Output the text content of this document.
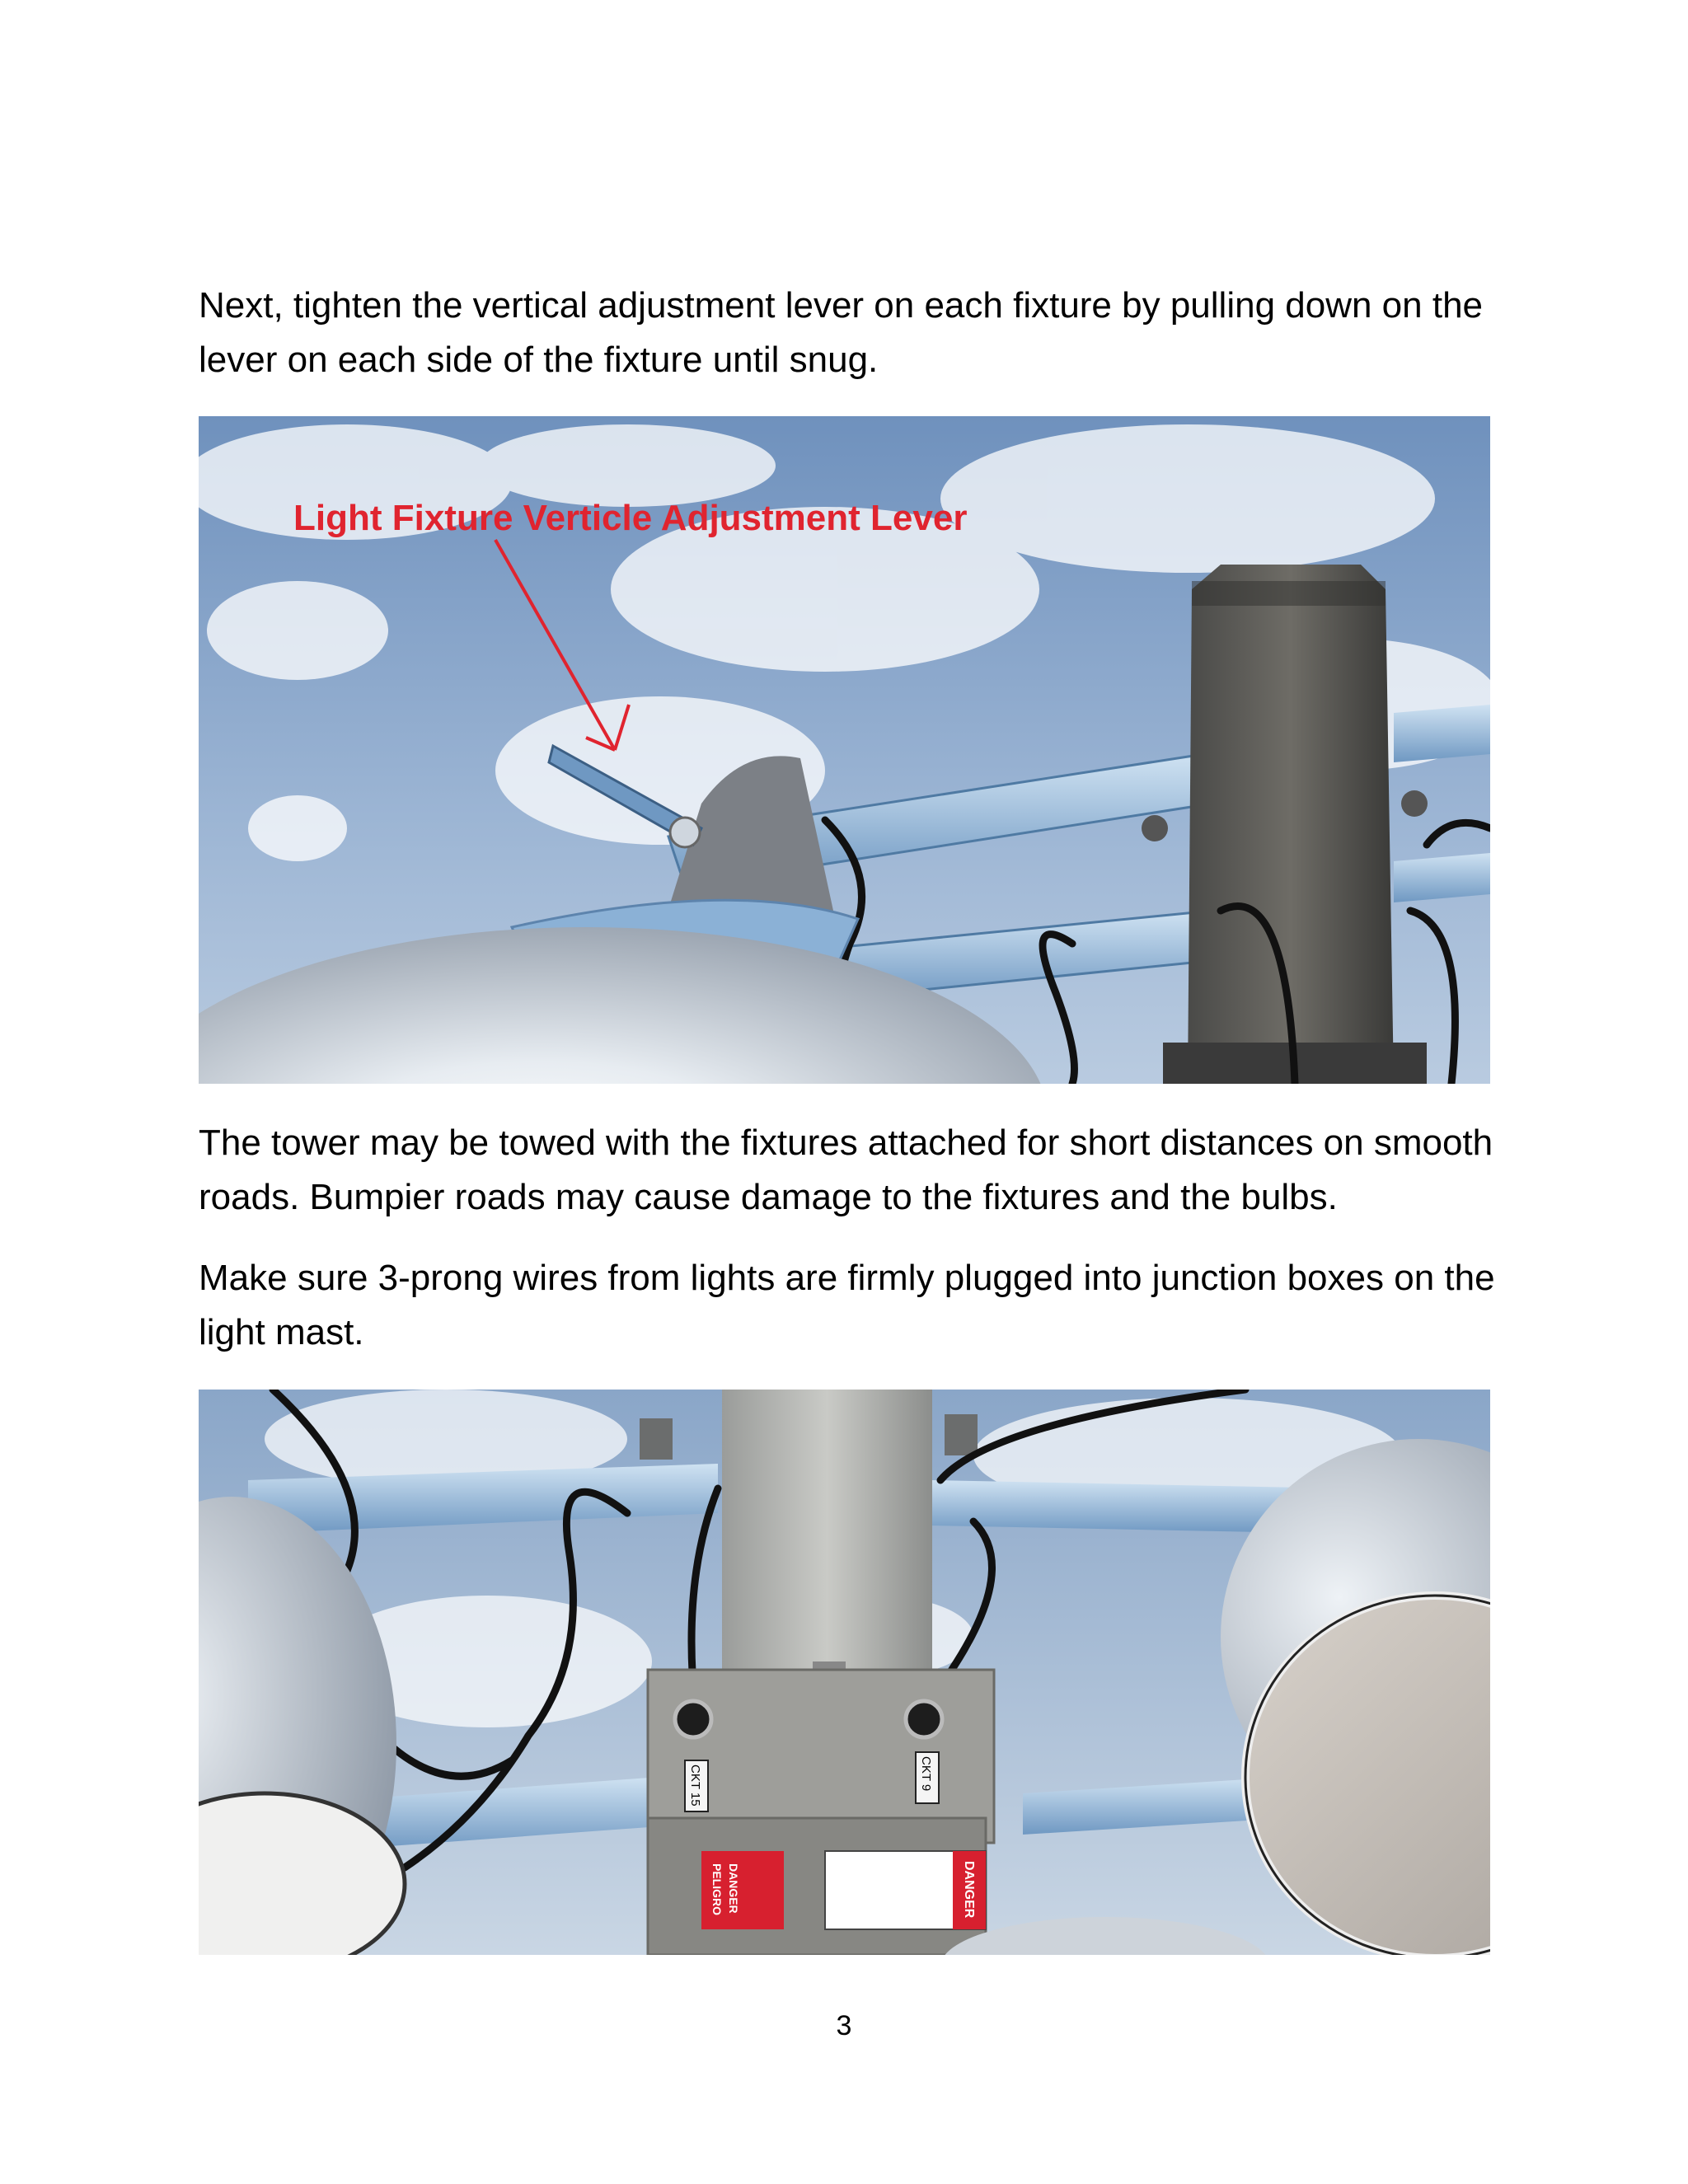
Next, tighten the vertical adjustment lever on each fixture by pulling down on the lever on each side of the fixture until snug.

Light Fixture Verticle Adjustment Lever

The tower may be towed with the fixtures attached for short distances on smooth roads. Bumpier roads may cause damage to the fixtures and the bulbs.

Make sure 3-prong wires from lights are firmly plugged into junction boxes on the light mast.

CKT 15	CKT 9
PELIGRO DANGER	DANGER
3
